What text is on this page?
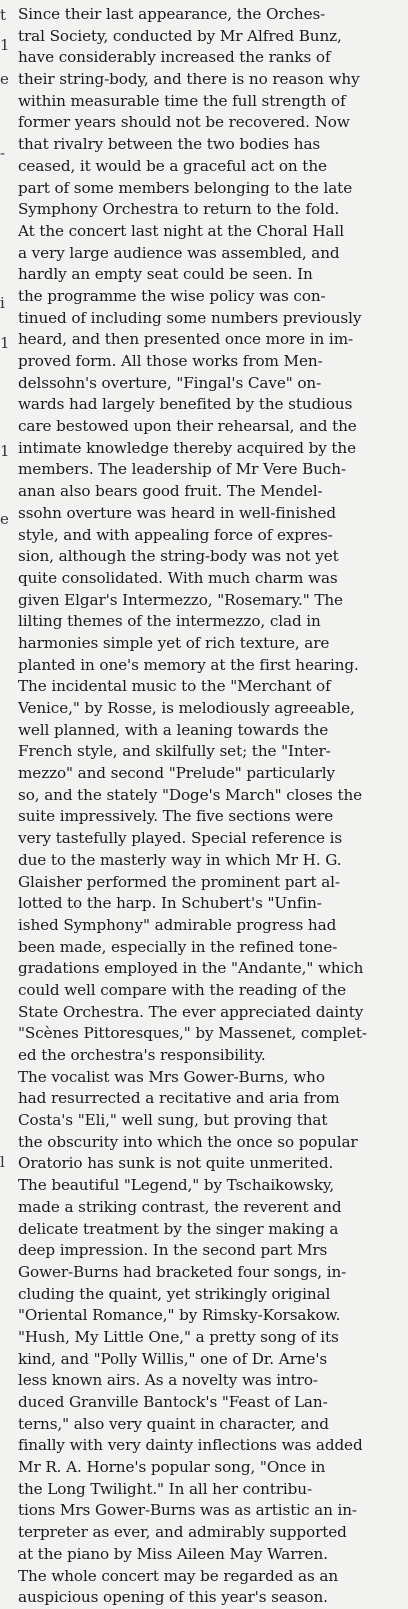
t
1
e
-
i
1
1
e
l
Since their last appearance, the Orches-
tral Society, conducted by Mr Alfred Bunz,
have considerably increased the ranks of
their string-body, and there is no reason why
within measurable time the full strength of
former years should not be recovered. Now
that rivalry between the two bodies has
ceased, it would be a graceful act on the
part of some members belonging to the late
Symphony Orchestra to return to the fold.
At the concert last night at the Choral Hall
a very large audience was assembled, and
hardly an empty seat could be seen. In
the programme the wise policy was con-
tinued of including some numbers previously
heard, and then presented once more in im-
proved form. All those works from Men-
delssohn's overture, "Fingal's Cave" on-
wards had largely benefited by the studious
care bestowed upon their rehearsal, and the
intimate knowledge thereby acquired by the
members. The leadership of Mr Vere Buch-
anan also bears good fruit. The Mendel-
ssohn overture was heard in well-finished
style, and with appealing force of expres-
sion, although the string-body was not yet
quite consolidated. With much charm was
given Elgar's Intermezzo, "Rosemary." The
lilting themes of the intermezzo, clad in
harmonies simple yet of rich texture, are
planted in one's memory at the first hearing.
The incidental music to the "Merchant of
Venice," by Rosse, is melodiously agreeable,
well planned, with a leaning towards the
French style, and skilfully set; the "Inter-
mezzo" and second "Prelude" particularly
so, and the stately "Doge's March" closes the
suite impressively. The five sections were
very tastefully played. Special reference is
due to the masterly way in which Mr H. G.
Glaisher performed the prominent part al-
lotted to the harp. In Schubert's "Unfin-
ished Symphony" admirable progress had
been made, especially in the refined tone-
gradations employed in the "Andante," which
could well compare with the reading of the
State Orchestra. The ever appreciated dainty
"Scènes Pittoresques," by Massenet, complet-
ed the orchestra's responsibility.
The vocalist was Mrs Gower-Burns, who
had resurrected a recitative and aria from
Costa's "Eli," well sung, but proving that
the obscurity into which the once so popular
Oratorio has sunk is not quite unmerited.
The beautiful "Legend," by Tschaikowsky,
made a striking contrast, the reverent and
delicate treatment by the singer making a
deep impression. In the second part Mrs
Gower-Burns had bracketed four songs, in-
cluding the quaint, yet strikingly original
"Oriental Romance," by Rimsky-Korsakow.
"Hush, My Little One," a pretty song of its
kind, and "Polly Willis," one of Dr. Arne's
less known airs. As a novelty was intro-
duced Granville Bantock's "Feast of Lan-
terns," also very quaint in character, and
finally with very dainty inflections was added
Mr R. A. Horne's popular song, "Once in
the Long Twilight." In all her contribu-
tions Mrs Gower-Burns was as artistic an in-
terpreter as ever, and admirably supported
at the piano by Miss Aileen May Warren.
The whole concert may be regarded as an
auspicious opening of this year's season.
